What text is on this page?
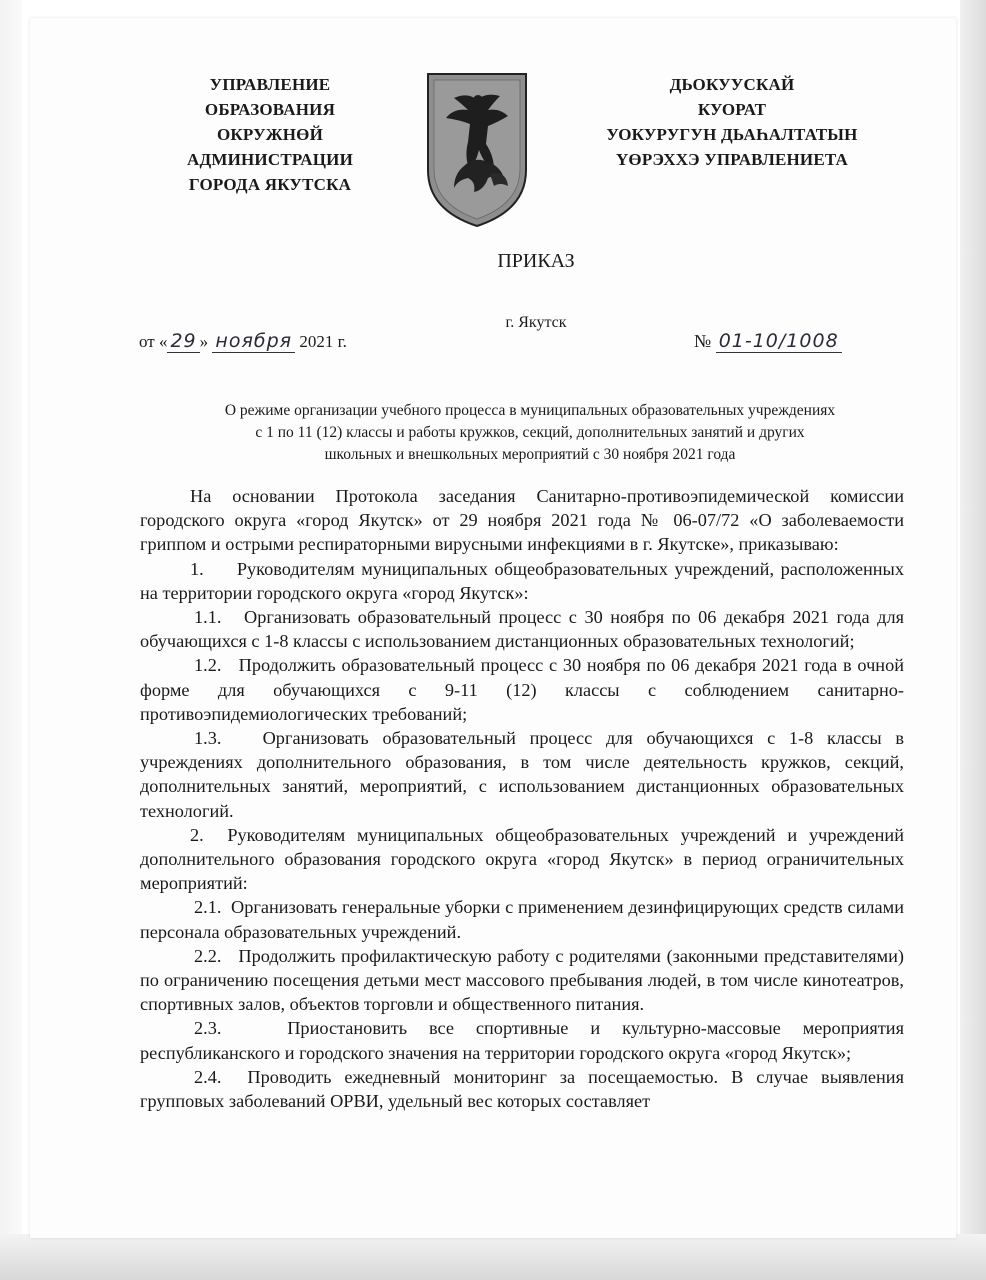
УПРАВЛЕНИЕ
ОБРАЗОВАНИЯ
ОКРУЖНӨЙ
АДМИНИСТРАЦИИ
ГОРОДА ЯКУТСКА
ДЬОКУУСКАЙ
КУОРАТ
УОКУРУГУН ДЬАҺАЛТАТЫН
ҮӨРЭХХЭ УПРАВЛЕНИЕТА
ПРИКАЗ
г. Якутск
от « 29 » ноября 2021 г.	№ 01-10/1008
О режиме организации учебного процесса в муниципальных образовательных учреждениях
с 1 по 11 (12) классы и работы кружков, секций, дополнительных занятий и других
школьных и внешкольных мероприятий с 30 ноября 2021 года

На основании Протокола заседания Санитарно-противоэпидемической комиссии городского округа «город Якутск» от 29 ноября 2021 года № 06-07/72 «О заболеваемости гриппом и острыми респираторными вирусными инфекциями в г. Якутске», приказываю:

1.     Руководителям муниципальных общеобразовательных учреждений, расположенных на территории городского округа «город Якутск»:

1.1.   Организовать образовательный процесс с 30 ноября по 06 декабря 2021 года для обучающихся с 1-8 классы с использованием дистанционных образовательных технологий;

1.2.   Продолжить образовательный процесс с 30 ноября по 06 декабря 2021 года в очной форме для обучающихся с 9-11 (12) классы с соблюдением санитарно-противоэпидемиологических требований;

1.3.   Организовать образовательный процесс для обучающихся с 1-8 классы в учреждениях дополнительного образования, в том числе деятельность кружков, секций, дополнительных занятий, мероприятий, с использованием дистанционных образовательных технологий.

2.  Руководителям муниципальных общеобразовательных учреждений и учреждений дополнительного образования городского округа «город Якутск» в период ограничительных мероприятий:

2.1.  Организовать генеральные уборки с применением дезинфицирующих средств силами персонала образовательных учреждений.

2.2.   Продолжить профилактическую работу с родителями (законными представителями) по ограничению посещения детьми мест массового пребывания людей, в том числе кинотеатров, спортивных залов, объектов торговли и общественного питания.

2.3.   Приостановить все спортивные и культурно-массовые мероприятия республиканского и городского значения на территории городского округа «город Якутск»;

2.4.  Проводить ежедневный мониторинг за посещаемостью. В случае выявления групповых заболеваний ОРВИ, удельный вес которых составляет
